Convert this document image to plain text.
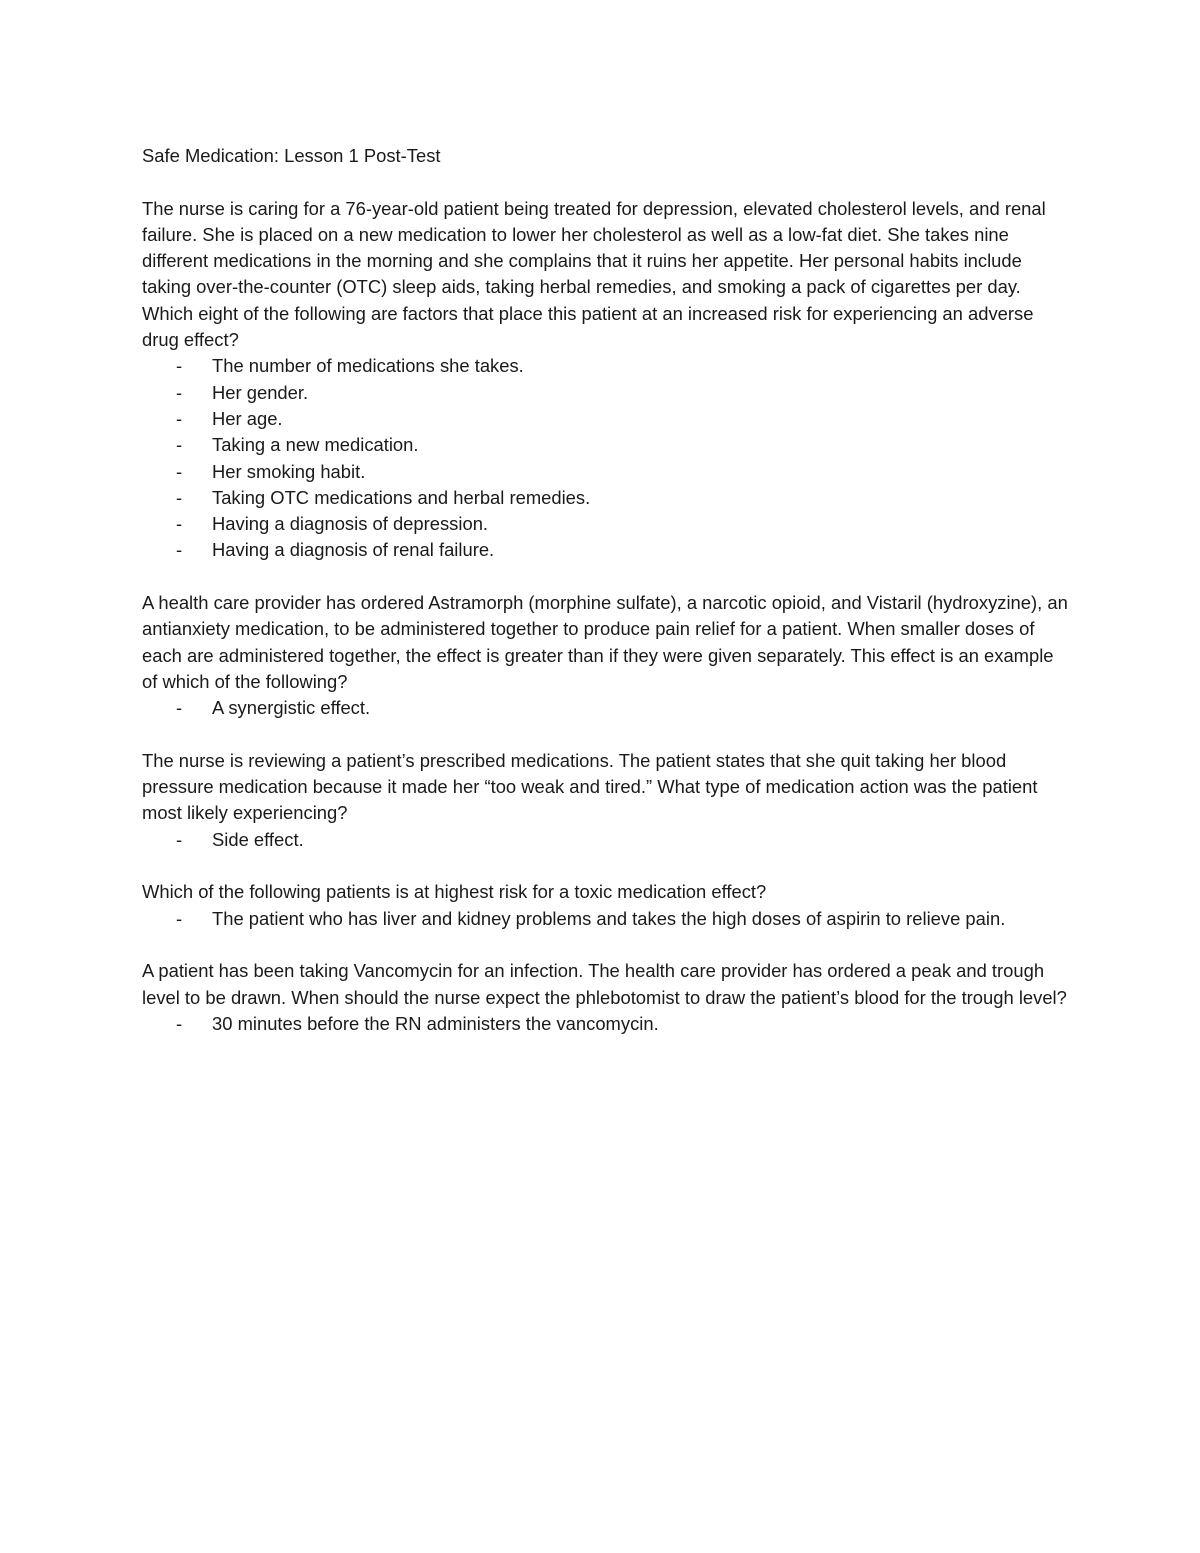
Safe Medication: Lesson 1 Post-Test

The nurse is caring for a 76-year-old patient being treated for depression, elevated cholesterol levels, and renal failure. She is placed on a new medication to lower her cholesterol as well as a low-fat diet. She takes nine different medications in the morning and she complains that it ruins her appetite. Her personal habits include taking over-the-counter (OTC) sleep aids, taking herbal remedies, and smoking a pack of cigarettes per day. Which eight of the following are factors that place this patient at an increased risk for experiencing an adverse drug effect?

- The number of medications she takes.
- Her gender.
- Her age.
- Taking a new medication.
- Her smoking habit.
- Taking OTC medications and herbal remedies.
- Having a diagnosis of depression.
- Having a diagnosis of renal failure.

A health care provider has ordered Astramorph (morphine sulfate), a narcotic opioid, and Vistaril (hydroxyzine), an antianxiety medication, to be administered together to produce pain relief for a patient. When smaller doses of each are administered together, the effect is greater than if they were given separately. This effect is an example of which of the following?

- A synergistic effect.

The nurse is reviewing a patient’s prescribed medications. The patient states that she quit taking her blood pressure medication because it made her “too weak and tired.” What type of medication action was the patient most likely experiencing?

- Side effect.

Which of the following patients is at highest risk for a toxic medication effect?

- The patient who has liver and kidney problems and takes the high doses of aspirin to relieve pain.

A patient has been taking Vancomycin for an infection. The health care provider has ordered a peak and trough level to be drawn. When should the nurse expect the phlebotomist to draw the patient’s blood for the trough level?

- 30 minutes before the RN administers the vancomycin.
